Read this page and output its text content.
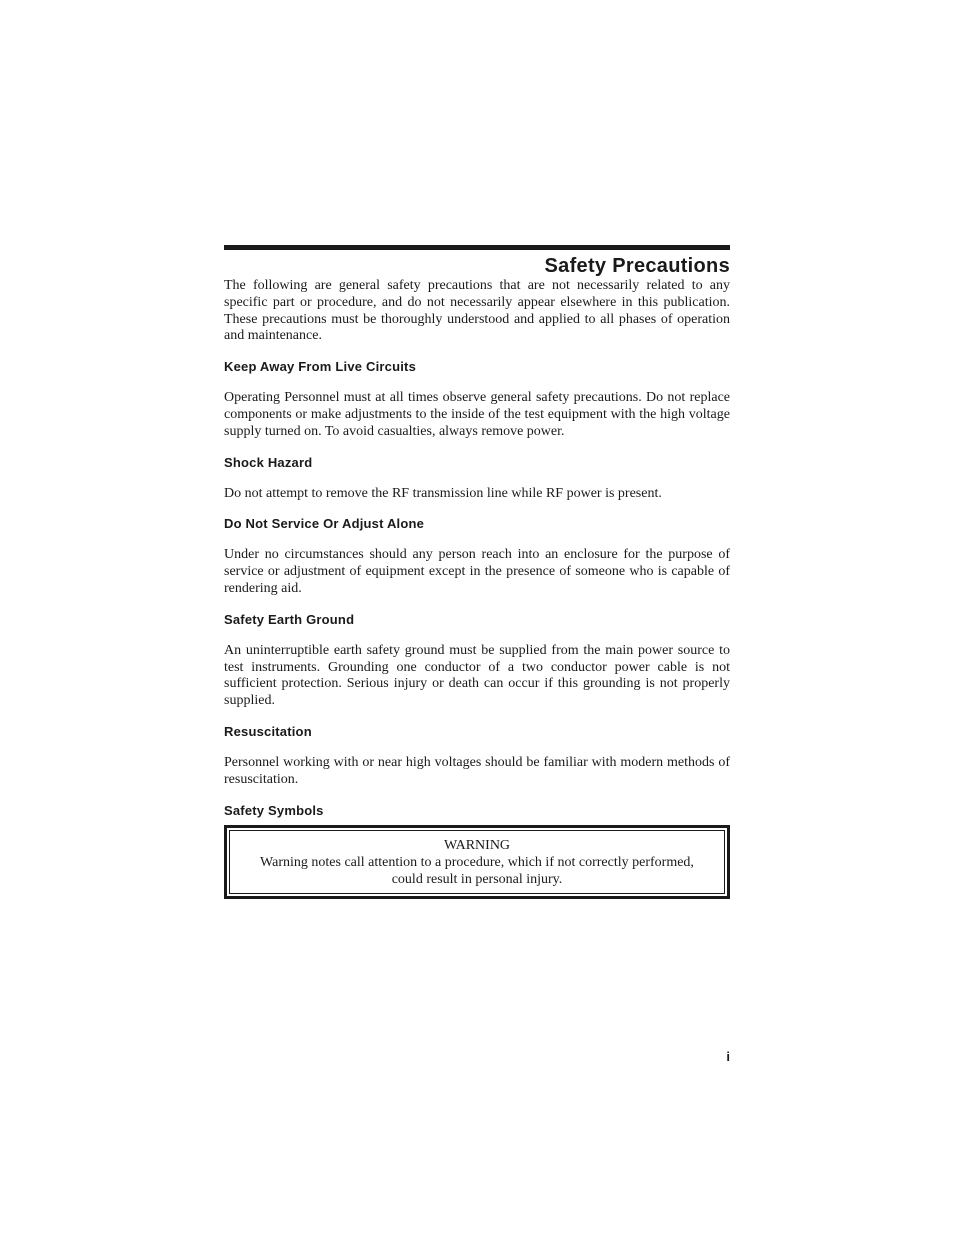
Safety Precautions

The following are general safety precautions that are not necessarily related to any specific part or procedure, and do not necessarily appear elsewhere in this publication. These precautions must be thoroughly understood and applied to all phases of operation and maintenance.

Keep Away From Live Circuits

Operating Personnel must at all times observe general safety precautions. Do not replace components or make adjustments to the inside of the test equipment with the high voltage supply turned on. To avoid casualties, always remove power.

Shock Hazard

Do not attempt to remove the RF transmission line while RF power is present.

Do Not Service Or Adjust Alone

Under no circumstances should any person reach into an enclosure for the purpose of service or adjustment of equipment except in the presence of someone who is capable of rendering aid.

Safety Earth Ground

An uninterruptible earth safety ground must be supplied from the main power source to test instruments. Grounding one conductor of a two conductor power cable is not sufficient protection. Serious injury or death can occur if this grounding is not properly supplied.

Resuscitation

Personnel working with or near high voltages should be familiar with modern methods of resuscitation.

Safety Symbols
WARNING
Warning notes call attention to a procedure, which if not correctly performed, could result in personal injury.
i
